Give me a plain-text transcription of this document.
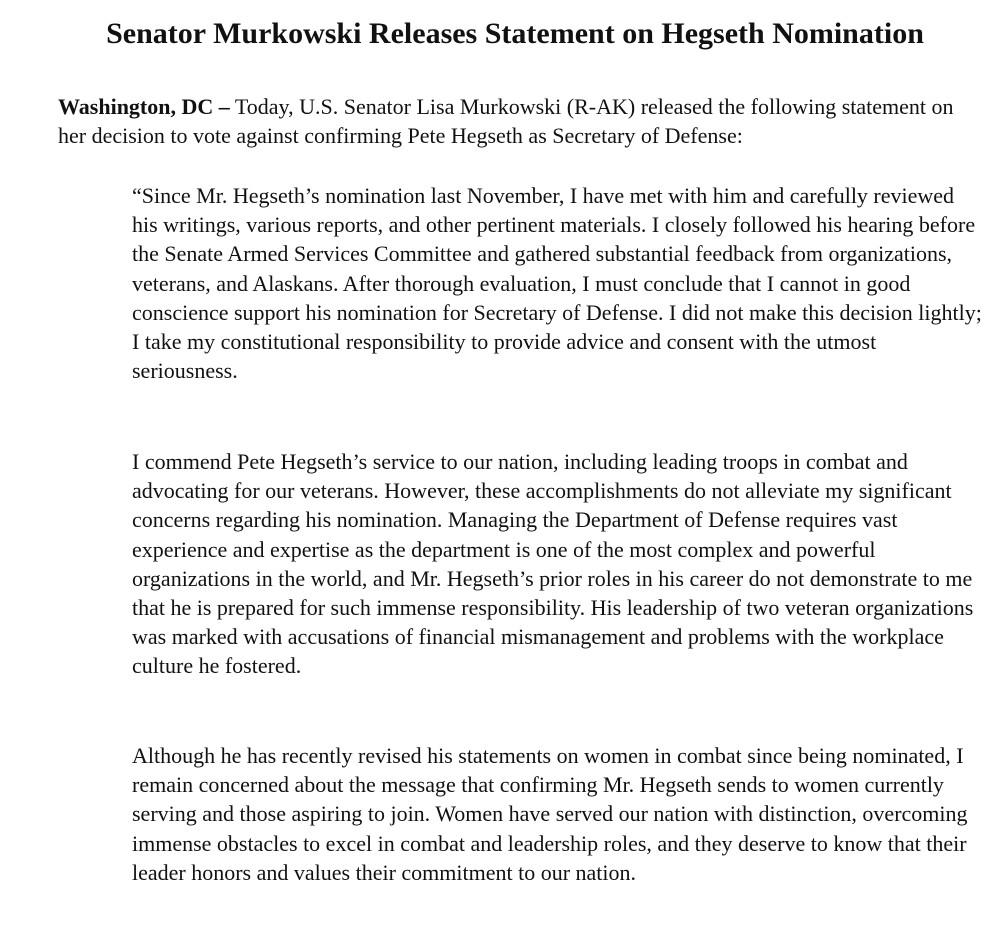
Senator Murkowski Releases Statement on Hegseth Nomination

Washington, DC – Today, U.S. Senator Lisa Murkowski (R-AK) released the following statement on her decision to vote against confirming Pete Hegseth as Secretary of Defense:

“Since Mr. Hegseth’s nomination last November, I have met with him and carefully reviewed his writings, various reports, and other pertinent materials. I closely followed his hearing before the Senate Armed Services Committee and gathered substantial feedback from organizations, veterans, and Alaskans. After thorough evaluation, I must conclude that I cannot in good conscience support his nomination for Secretary of Defense. I did not make this decision lightly; I take my constitutional responsibility to provide advice and consent with the utmost seriousness.

I commend Pete Hegseth’s service to our nation, including leading troops in combat and advocating for our veterans. However, these accomplishments do not alleviate my significant concerns regarding his nomination. Managing the Department of Defense requires vast experience and expertise as the department is one of the most complex and powerful organizations in the world, and Mr. Hegseth’s prior roles in his career do not demonstrate to me that he is prepared for such immense responsibility. His leadership of two veteran organizations was marked with accusations of financial mismanagement and problems with the workplace culture he fostered.

Although he has recently revised his statements on women in combat since being nominated, I remain concerned about the message that confirming Mr. Hegseth sends to women currently serving and those aspiring to join. Women have served our nation with distinction, overcoming immense obstacles to excel in combat and leadership roles, and they deserve to know that their leader honors and values their commitment to our nation.
